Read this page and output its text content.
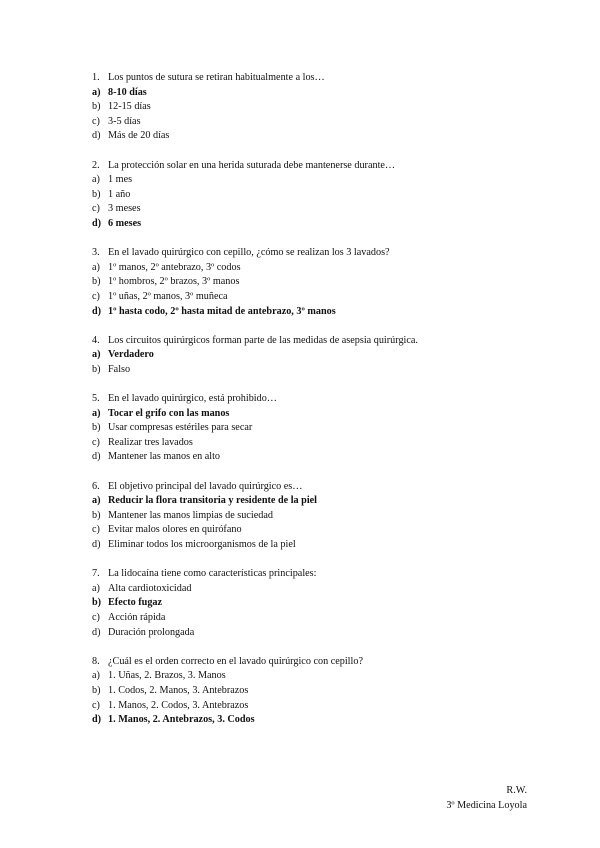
1. Los puntos de sutura se retiran habitualmente a los…
a) 8-10 días
b) 12-15 días
c) 3-5 días
d) Más de 20 días
2. La protección solar en una herida suturada debe mantenerse durante…
a) 1 mes
b) 1 año
c) 3 meses
d) 6 meses
3. En el lavado quirúrgico con cepillo, ¿cómo se realizan los 3 lavados?
a) 1º manos, 2º antebrazo, 3º codos
b) 1º hombros, 2º brazos, 3º manos
c) 1º uñas, 2º manos, 3º muñeca
d) 1º hasta codo, 2º hasta mitad de antebrazo, 3º manos
4. Los circuitos quirúrgicos forman parte de las medidas de asepsia quirúrgica.
a) Verdadero
b) Falso
5. En el lavado quirúrgico, está prohibido…
a) Tocar el grifo con las manos
b) Usar compresas estériles para secar
c) Realizar tres lavados
d) Mantener las manos en alto
6. El objetivo principal del lavado quirúrgico es…
a) Reducir la flora transitoria y residente de la piel
b) Mantener las manos limpias de suciedad
c) Evitar malos olores en quirófano
d) Eliminar todos los microorganismos de la piel
7. La lidocaína tiene como características principales:
a) Alta cardiotoxicidad
b) Efecto fugaz
c) Acción rápida
d) Duración prolongada
8. ¿Cuál es el orden correcto en el lavado quirúrgico con cepillo?
a) 1. Uñas, 2. Brazos, 3. Manos
b) 1. Codos, 2. Manos, 3. Antebrazos
c) 1. Manos, 2. Codos, 3. Antebrazos
d) 1. Manos, 2. Antebrazos, 3. Codos
R.W.
3º Medicina Loyola
